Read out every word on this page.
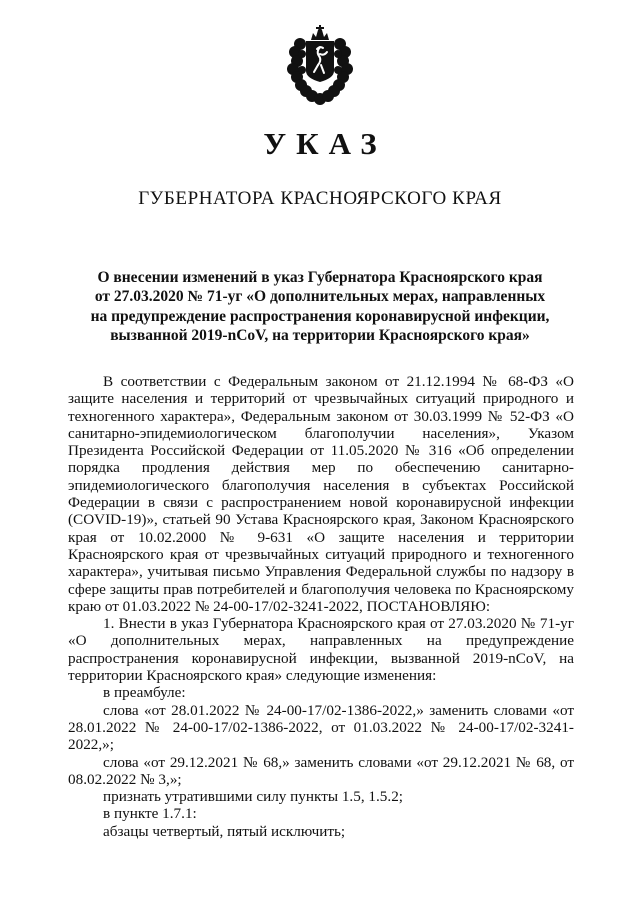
УКАЗ
ГУБЕРНАТОРА КРАСНОЯРСКОГО КРАЯ
О внесении изменений в указ Губернатора Красноярского края
от 27.03.2020 № 71-уг «О дополнительных мерах, направленных
на предупреждение распространения коронавирусной инфекции,
вызванной 2019-nCoV, на территории Красноярского края»

В соответствии с Федеральным законом от 21.12.1994 № 68-ФЗ «О защите населения и территорий от чрезвычайных ситуаций природного и техногенного характера», Федеральным законом от 30.03.1999 № 52-ФЗ «О санитарно-эпидемиологическом благополучии населения», Указом Президента Российской Федерации от 11.05.2020 № 316 «Об определении порядка продления действия мер по обеспечению санитарно-эпидемиологического благополучия населения в субъектах Российской Федерации в связи с распространением новой коронавирусной инфекции (COVID-19)», статьей 90 Устава Красноярского края, Законом Красноярского края от 10.02.2000 № 9-631 «О защите населения и территории Красноярского края от чрезвычайных ситуаций природного и техногенного характера», учитывая письмо Управления Федеральной службы по надзору в сфере защиты прав потребителей и благополучия человека по Красноярскому краю от 01.03.2022 № 24-00-17/02-3241-2022, ПОСТАНОВЛЯЮ:

1. Внести в указ Губернатора Красноярского края от 27.03.2020 № 71-уг «О дополнительных мерах, направленных на предупреждение распространения коронавирусной инфекции, вызванной 2019-nCoV, на территории Красноярского края» следующие изменения:

в преамбуле:

слова «от 28.01.2022 № 24-00-17/02-1386-2022,» заменить словами «от 28.01.2022 № 24-00-17/02-1386-2022, от 01.03.2022 № 24-00-17/02-3241-2022,»;

слова «от 29.12.2021 № 68,» заменить словами «от 29.12.2021 № 68, от 08.02.2022 № 3,»;

признать утратившими силу пункты 1.5, 1.5.2;

в пункте 1.7.1:

абзацы четвертый, пятый исключить;
